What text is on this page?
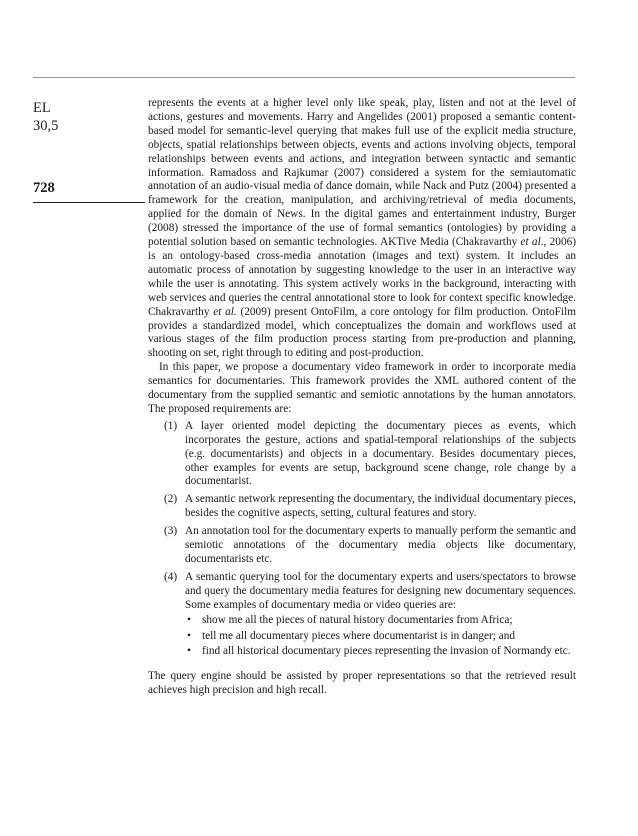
EL
30,5
728

represents the events at a higher level only like speak, play, listen and not at the level of actions, gestures and movements. Harry and Angelides (2001) proposed a semantic content-based model for semantic-level querying that makes full use of the explicit media structure, objects, spatial relationships between objects, events and actions involving objects, temporal relationships between events and actions, and integration between syntactic and semantic information. Ramadoss and Rajkumar (2007) considered a system for the semiautomatic annotation of an audio-visual media of dance domain, while Nack and Putz (2004) presented a framework for the creation, manipulation, and archiving/retrieval of media documents, applied for the domain of News. In the digital games and entertainment industry, Burger (2008) stressed the importance of the use of formal semantics (ontologies) by providing a potential solution based on semantic technologies. AKTive Media (Chakravarthy et al., 2006) is an ontology-based cross-media annotation (images and text) system. It includes an automatic process of annotation by suggesting knowledge to the user in an interactive way while the user is annotating. This system actively works in the background, interacting with web services and queries the central annotational store to look for context specific knowledge. Chakravarthy et al. (2009) present OntoFilm, a core ontology for film production. OntoFilm provides a standardized model, which conceptualizes the domain and workflows used at various stages of the film production process starting from pre-production and planning, shooting on set, right through to editing and post-production.

In this paper, we propose a documentary video framework in order to incorporate media semantics for documentaries. This framework provides the XML authored content of the documentary from the supplied semantic and semiotic annotations by the human annotators. The proposed requirements are:

(1) A layer oriented model depicting the documentary pieces as events, which incorporates the gesture, actions and spatial-temporal relationships of the subjects (e.g. documentarists) and objects in a documentary. Besides documentary pieces, other examples for events are setup, background scene change, role change by a documentarist.
(2) A semantic network representing the documentary, the individual documentary pieces, besides the cognitive aspects, setting, cultural features and story.
(3) An annotation tool for the documentary experts to manually perform the semantic and semiotic annotations of the documentary media objects like documentary, documentarists etc.
(4) A semantic querying tool for the documentary experts and users/spectators to browse and query the documentary media features for designing new documentary sequences. Some examples of documentary media or video queries are:
• show me all the pieces of natural history documentaries from Africa;
• tell me all documentary pieces where documentarist is in danger; and
• find all historical documentary pieces representing the invasion of Normandy etc.

The query engine should be assisted by proper representations so that the retrieved result achieves high precision and high recall.
